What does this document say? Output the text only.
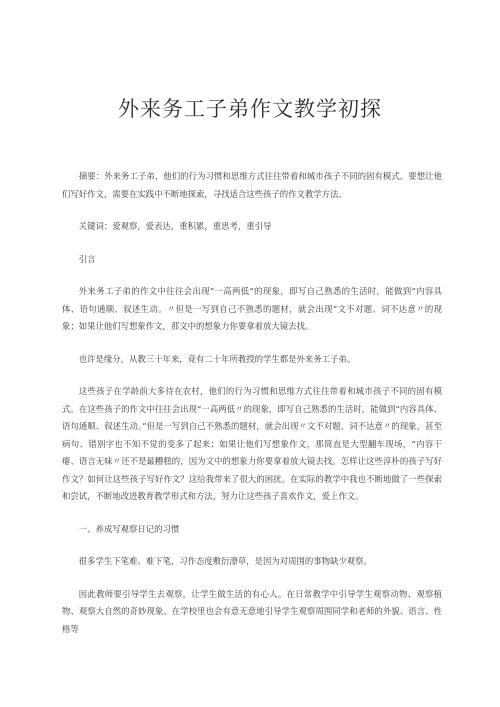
外来务工子弟作文教学初探

摘要：外来务工子弟，他们的行为习惯和思维方式往往带着和城市孩子不同的固有模式。要想让他们写好作文，需要在实践中不断地探索，寻找适合这些孩子的作文教学方法。

关键词：爱观察，爱表达，重积累，重思考，重引导

引言

外来务工子弟的作文中往往会出现“一高两低”的现象，即写自己熟悉的生活时，能做到“内容具体、语句通顺、叙述生动。〃但是一写到自己不熟悉的题材，就会出现“文不对题、词不达意〃的现象；如果让他们写想象作文，那文中的想象力你要拿着放大镜去找。

也许是缘分，从教三十年来，竟有二十年所教授的学生都是外来务工子弟。

这些孩子在学龄前大多待在农村，他们的行为习惯和思维方式往往带着和城市孩子不同的固有模式。在这些孩子的作文中往往会出现“一高两低〃的现象，即写自己熟悉的生活时，能做到“内容具体、语句通顺、叙述生动。”但是一写到自己不熟悉的题材，就会出现〃文不对题、词不达意〃的现象，甚至病句、错别字也不知不觉的变多了起来；如果让他们写想象作文，那简直是大型翻车现场，“内容干瘪、语言无味〃还不是最糟糕的，因为文中的想象力你要拿着放大镜去找。怎样让这些淳朴的孩子写好作文？如何让这些孩子写好作文？这给我带来了很大的困扰。在实际的教学中我也不断地做了一些探索和尝试，不断地改进教育教学形式和方法，努力让这些孩子喜欢作文，爱上作文。

一、养成写观察日记的习惯

很多学生下笔难、难下笔，习作态度敷衍潦草，是因为对周围的事物缺少观察。

因此教师要引导学生去观察，让学生做生活的有心人。在日常教学中引导学生观察动物、观察植物、观察大自然的奇妙现象。在学校里也会有意无意地引导学生观察周围同学和老师的外貌、语言、性格等
